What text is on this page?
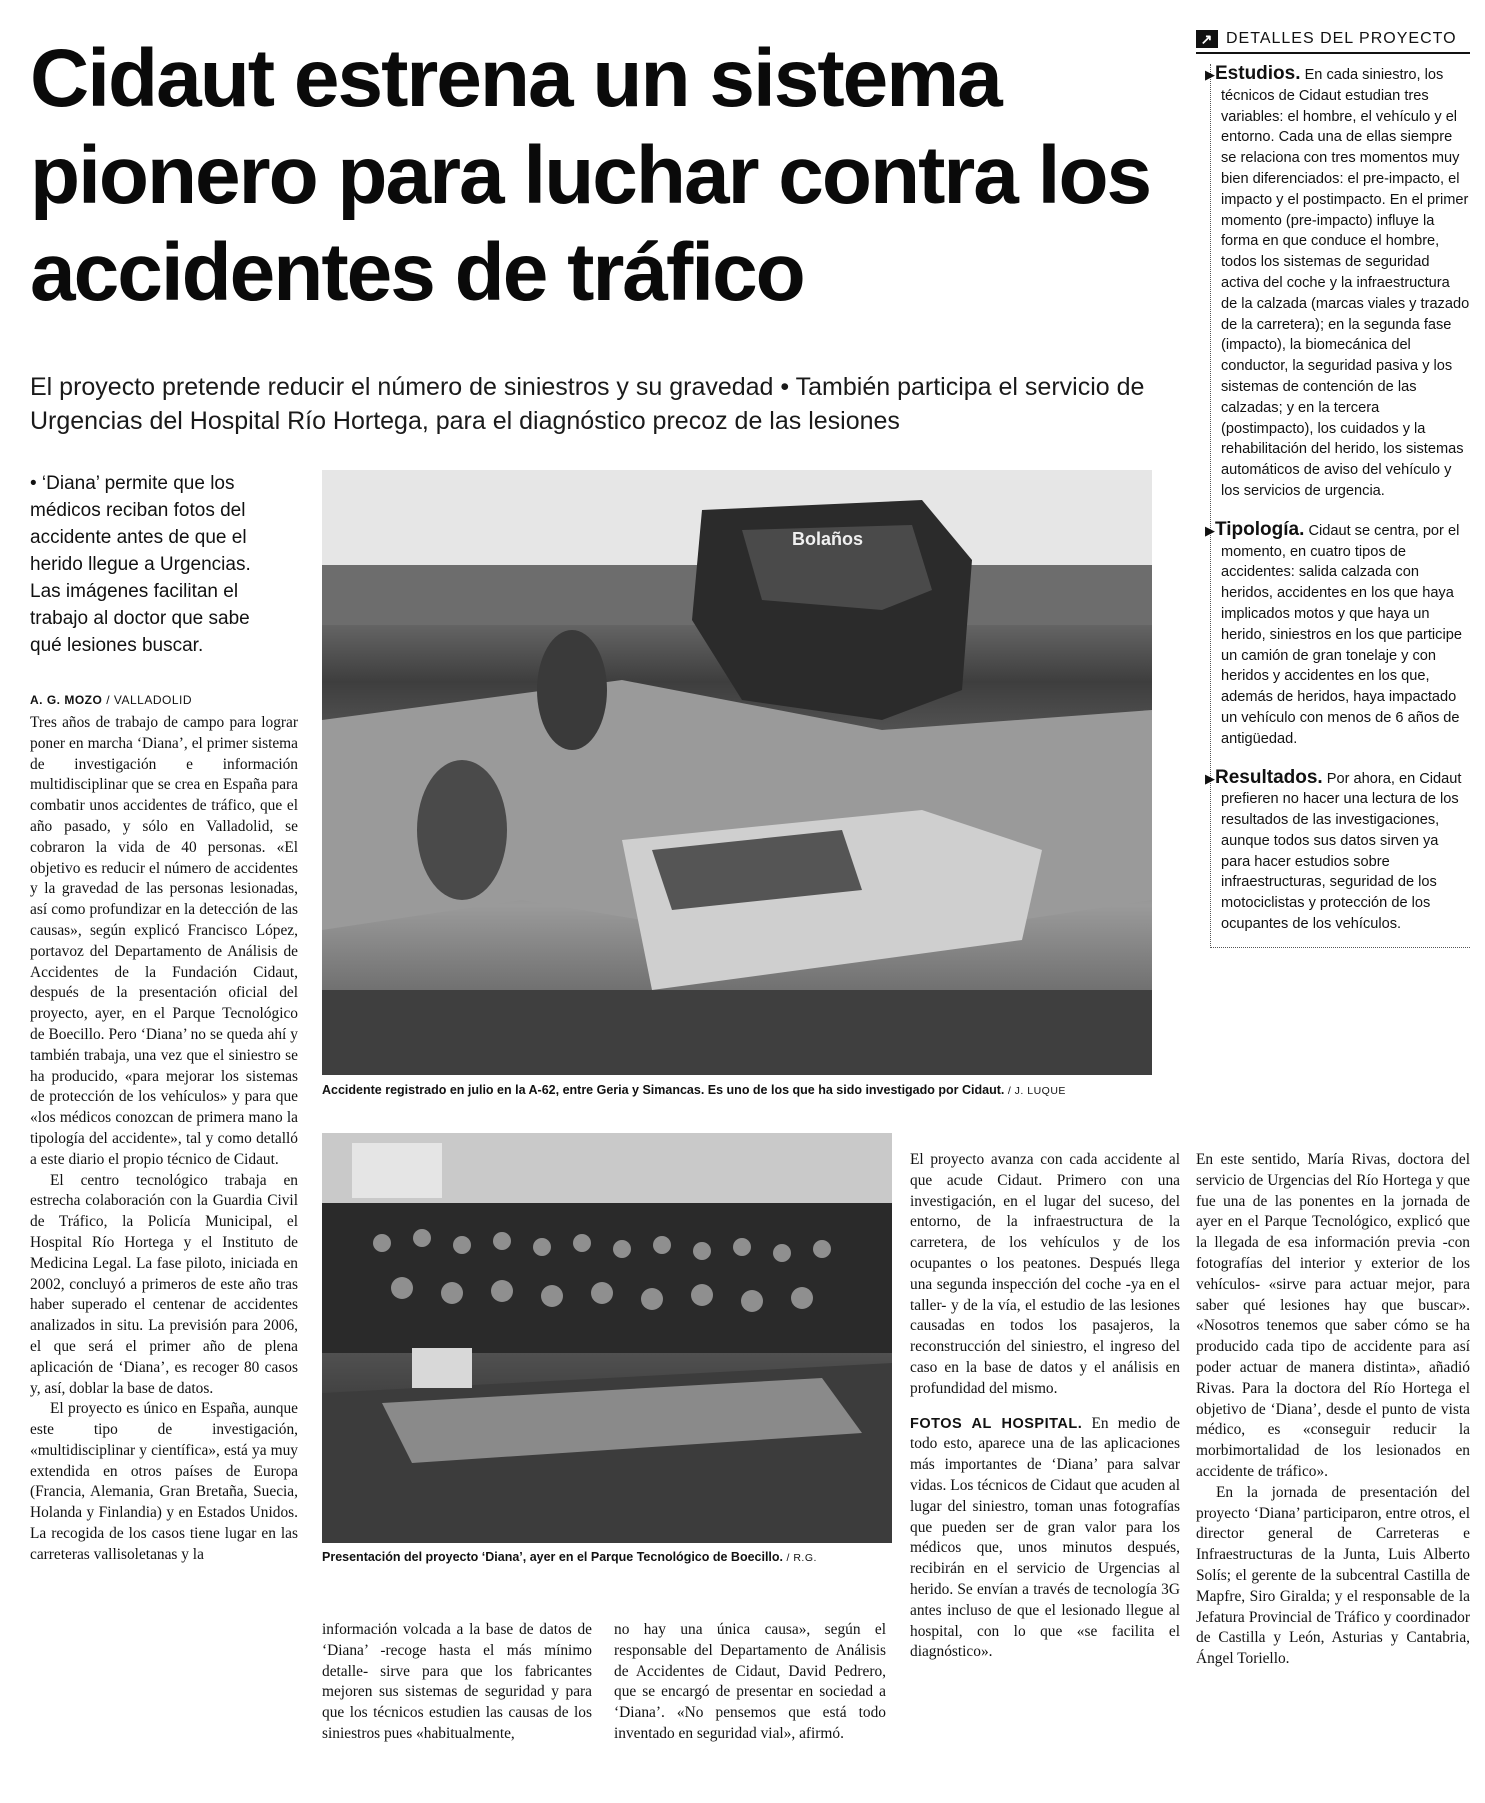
Cidaut estrena un sistema pionero para luchar contra los accidentes de tráfico

El proyecto pretende reducir el número de siniestros y su gravedad • También participa el servicio de Urgencias del Hospital Río Hortega, para el diagnóstico precoz de las lesiones

• ‘Diana’ permite que los médicos reciban fotos del accidente antes de que el herido llegue a Urgencias. Las imágenes facilitan el trabajo al doctor que sabe qué lesiones buscar.

A. G. MOZO / VALLADOLID

Tres años de trabajo de campo para lograr poner en marcha ‘Diana’, el primer sistema de investigación e información multidisciplinar que se crea en España para combatir unos accidentes de tráfico, que el año pasado, y sólo en Valladolid, se cobraron la vida de 40 personas. «El objetivo es reducir el número de accidentes y la gravedad de las personas lesionadas, así como profundizar en la detección de las causas», según explicó Francisco López, portavoz del Departamento de Análisis de Accidentes de la Fundación Cidaut, después de la presentación oficial del proyecto, ayer, en el Parque Tecnológico de Boecillo. Pero ‘Diana’ no se queda ahí y también trabaja, una vez que el siniestro se ha producido, «para mejorar los sistemas de protección de los vehículos» y para que «los médicos conozcan de primera mano la tipología del accidente», tal y como detalló a este diario el propio técnico de Cidaut.

El centro tecnológico trabaja en estrecha colaboración con la Guardia Civil de Tráfico, la Policía Municipal, el Hospital Río Hortega y el Instituto de Medicina Legal. La fase piloto, iniciada en 2002, concluyó a primeros de este año tras haber superado el centenar de accidentes analizados in situ. La previsión para 2006, el que será el primer año de plena aplicación de ‘Diana’, es recoger 80 casos y, así, doblar la base de datos.

El proyecto es único en España, aunque este tipo de investigación, «multidisciplinar y científica», está ya muy extendida en otros países de Europa (Francia, Alemania, Gran Bretaña, Suecia, Holanda y Finlandia) y en Estados Unidos. La recogida de los casos tiene lugar en las carreteras vallisoletanas y la

Bolaños
Accidente registrado en julio en la A-62, entre Geria y Simancas. Es uno de los que ha sido investigado por Cidaut. / J. LUQUE
Presentación del proyecto ‘Diana’, ayer en el Parque Tecnológico de Boecillo. / R.G.

información volcada a la base de datos de ‘Diana’ -recoge hasta el más mínimo detalle- sirve para que los fabricantes mejoren sus sistemas de seguridad y para que los técnicos estudien las causas de los siniestros pues «habitualmente,

no hay una única causa», según el responsable del Departamento de Análisis de Accidentes de Cidaut, David Pedrero, que se encargó de presentar en sociedad a ‘Diana’. «No pensemos que está todo inventado en seguridad vial», afirmó.

El proyecto avanza con cada accidente al que acude Cidaut. Primero con una investigación, en el lugar del suceso, del entorno, de la infraestructura de la carretera, de los vehículos y de los ocupantes o los peatones. Después llega una segunda inspección del coche -ya en el taller- y de la vía, el estudio de las lesiones causadas en todos los pasajeros, la reconstrucción del siniestro, el ingreso del caso en la base de datos y el análisis en profundidad del mismo.

FOTOS AL HOSPITAL. En medio de todo esto, aparece una de las aplicaciones más importantes de ‘Diana’ para salvar vidas. Los técnicos de Cidaut que acuden al lugar del siniestro, toman unas fotografías que pueden ser de gran valor para los médicos que, unos minutos después, recibirán en el servicio de Urgencias al herido. Se envían a través de tecnología 3G antes incluso de que el lesionado llegue al hospital, con lo que «se facilita el diagnóstico».

En este sentido, María Rivas, doctora del servicio de Urgencias del Río Hortega y que fue una de las ponentes en la jornada de ayer en el Parque Tecnológico, explicó que la llegada de esa información previa -con fotografías del interior y exterior de los vehículos- «sirve para actuar mejor, para saber qué lesiones hay que buscar». «Nosotros tenemos que saber cómo se ha producido cada tipo de accidente para así poder actuar de manera distinta», añadió Rivas. Para la doctora del Río Hortega el objetivo de ‘Diana’, desde el punto de vista médico, es «conseguir reducir la morbimortalidad de los lesionados en accidente de tráfico».

En la jornada de presentación del proyecto ‘Diana’ participaron, entre otros, el director general de Carreteras e Infraestructuras de la Junta, Luis Alberto Solís; el gerente de la subcentral Castilla de Mapfre, Siro Giralda; y el responsable de la Jefatura Provincial de Tráfico y coordinador de Castilla y León, Asturias y Cantabria, Ángel Toriello.

↗ DETALLES DEL PROYECTO

▶Estudios. En cada siniestro, los técnicos de Cidaut estudian tres variables: el hombre, el vehículo y el entorno. Cada una de ellas siempre se relaciona con tres momentos muy bien diferenciados: el pre-impacto, el impacto y el postimpacto. En el primer momento (pre-impacto) influye la forma en que conduce el hombre, todos los sistemas de seguridad activa del coche y la infraestructura de la calzada (marcas viales y trazado de la carretera); en la segunda fase (impacto), la biomecánica del conductor, la seguridad pasiva y los sistemas de contención de las calzadas; y en la tercera (postimpacto), los cuidados y la rehabilitación del herido, los sistemas automáticos de aviso del vehículo y los servicios de urgencia.

▶Tipología. Cidaut se centra, por el momento, en cuatro tipos de accidentes: salida calzada con heridos, accidentes en los que haya implicados motos y que haya un herido, siniestros en los que participe un camión de gran tonelaje y con heridos y accidentes en los que, además de heridos, haya impactado un vehículo con menos de 6 años de antigüedad.

▶Resultados. Por ahora, en Cidaut prefieren no hacer una lectura de los resultados de las investigaciones, aunque todos sus datos sirven ya para hacer estudios sobre infraestructuras, seguridad de los motociclistas y protección de los ocupantes de los vehículos.
